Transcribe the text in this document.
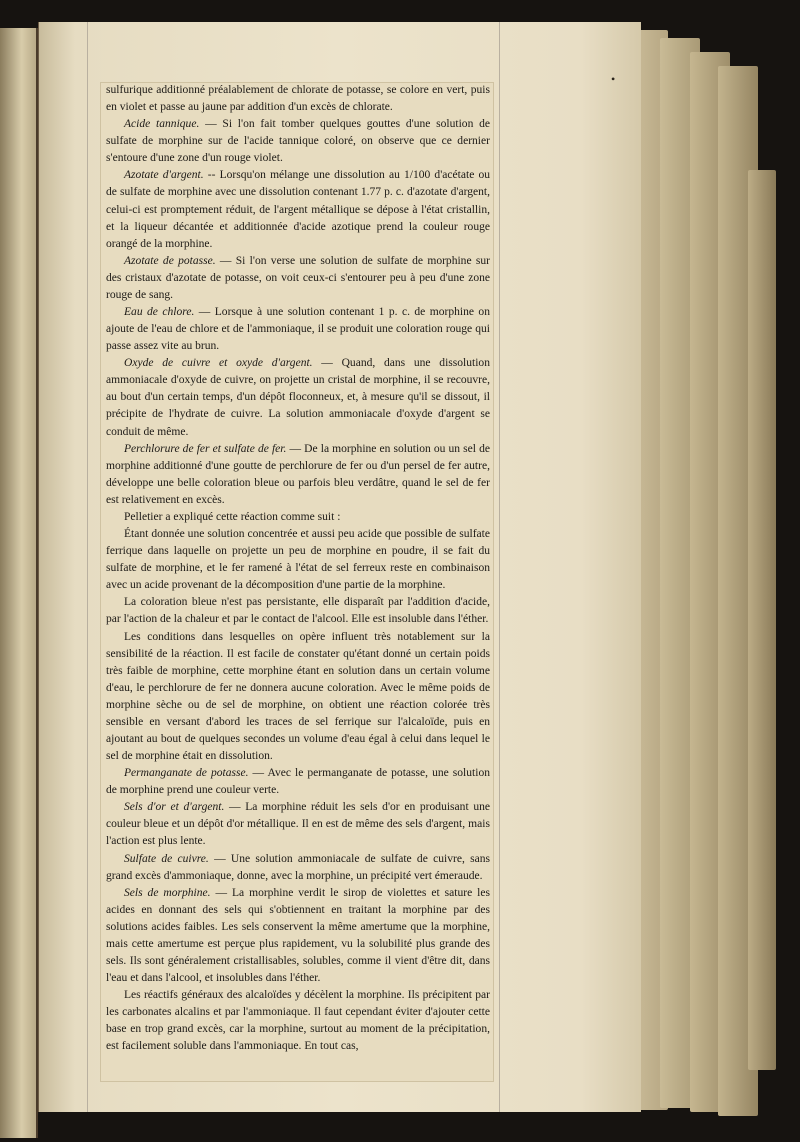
•

sulfurique additionné préalablement de chlorate de potasse, se colore en vert, puis en violet et passe au jaune par addition d'un excès de chlorate.

Acide tannique. — Si l'on fait tomber quelques gouttes d'une solution de sulfate de morphine sur de l'acide tannique coloré, on observe que ce dernier s'entoure d'une zone d'un rouge violet.

Azotate d'argent. -- Lorsqu'on mélange une dissolution au 1/100 d'acétate ou de sulfate de morphine avec une dissolution contenant 1.77 p. c. d'azotate d'argent, celui-ci est promptement réduit, de l'argent métallique se dépose à l'état cristallin, et la liqueur décantée et additionnée d'acide azotique prend la couleur rouge orangé de la morphine.

Azotate de potasse. — Si l'on verse une solution de sulfate de morphine sur des cristaux d'azotate de potasse, on voit ceux-ci s'entourer peu à peu d'une zone rouge de sang.

Eau de chlore. — Lorsque à une solution contenant 1 p. c. de morphine on ajoute de l'eau de chlore et de l'ammoniaque, il se produit une coloration rouge qui passe assez vite au brun.

Oxyde de cuivre et oxyde d'argent. — Quand, dans une dissolution ammoniacale d'oxyde de cuivre, on projette un cristal de morphine, il se recouvre, au bout d'un certain temps, d'un dépôt floconneux, et, à mesure qu'il se dissout, il précipite de l'hydrate de cuivre. La solution ammoniacale d'oxyde d'argent se conduit de même.

Perchlorure de fer et sulfate de fer. — De la morphine en solution ou un sel de morphine additionné d'une goutte de perchlorure de fer ou d'un persel de fer autre, développe une belle coloration bleue ou parfois bleu verdâtre, quand le sel de fer est relativement en excès.

Pelletier a expliqué cette réaction comme suit :

Étant donnée une solution concentrée et aussi peu acide que possible de sulfate ferrique dans laquelle on projette un peu de morphine en poudre, il se fait du sulfate de morphine, et le fer ramené à l'état de sel ferreux reste en combinaison avec un acide provenant de la décomposition d'une partie de la morphine.

La coloration bleue n'est pas persistante, elle disparaît par l'addition d'acide, par l'action de la chaleur et par le contact de l'alcool. Elle est insoluble dans l'éther.

Les conditions dans lesquelles on opère influent très notablement sur la sensibilité de la réaction. Il est facile de constater qu'étant donné un certain poids très faible de morphine, cette morphine étant en solution dans un certain volume d'eau, le perchlorure de fer ne donnera aucune coloration. Avec le même poids de morphine sèche ou de sel de morphine, on obtient une réaction colorée très sensible en versant d'abord les traces de sel ferrique sur l'alcaloïde, puis en ajoutant au bout de quelques secondes un volume d'eau égal à celui dans lequel le sel de morphine était en dissolution.

Permanganate de potasse. — Avec le permanganate de potasse, une solution de morphine prend une couleur verte.

Sels d'or et d'argent. — La morphine réduit les sels d'or en produisant une couleur bleue et un dépôt d'or métallique. Il en est de même des sels d'argent, mais l'action est plus lente.

Sulfate de cuivre. — Une solution ammoniacale de sulfate de cuivre, sans grand excès d'ammoniaque, donne, avec la morphine, un précipité vert émeraude.

Sels de morphine. — La morphine verdit le sirop de violettes et sature les acides en donnant des sels qui s'obtiennent en traitant la morphine par des solutions acides faibles. Les sels conservent la même amertume que la morphine, mais cette amertume est perçue plus rapidement, vu la solubilité plus grande des sels. Ils sont généralement cristallisables, solubles, comme il vient d'être dit, dans l'eau et dans l'alcool, et insolubles dans l'éther.

Les réactifs généraux des alcaloïdes y décèlent la morphine. Ils précipitent par les carbonates alcalins et par l'ammoniaque. Il faut cependant éviter d'ajouter cette base en trop grand excès, car la morphine, surtout au moment de la précipitation, est facilement soluble dans l'ammoniaque. En tout cas,
